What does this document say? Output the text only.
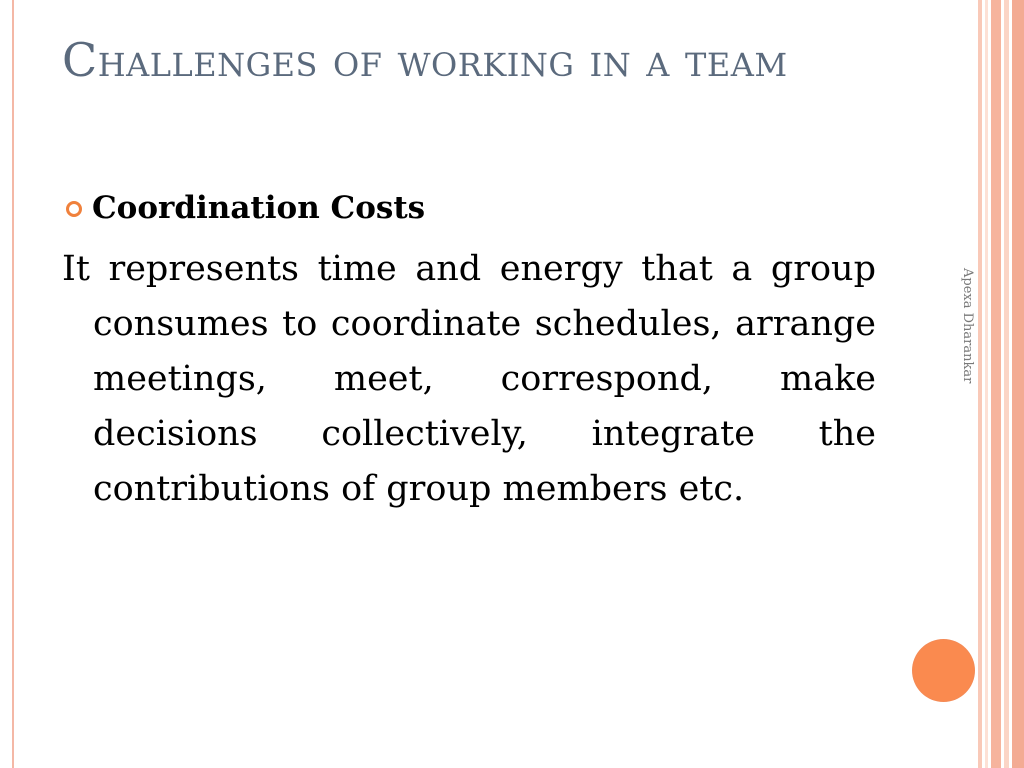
Challenges of working in a team
Coordination Costs

It represents time and energy that a group consumes to coordinate schedules, arrange meetings, meet, correspond, make decisions collectively, integrate the contributions of group members etc.

Apexa Dharankar
